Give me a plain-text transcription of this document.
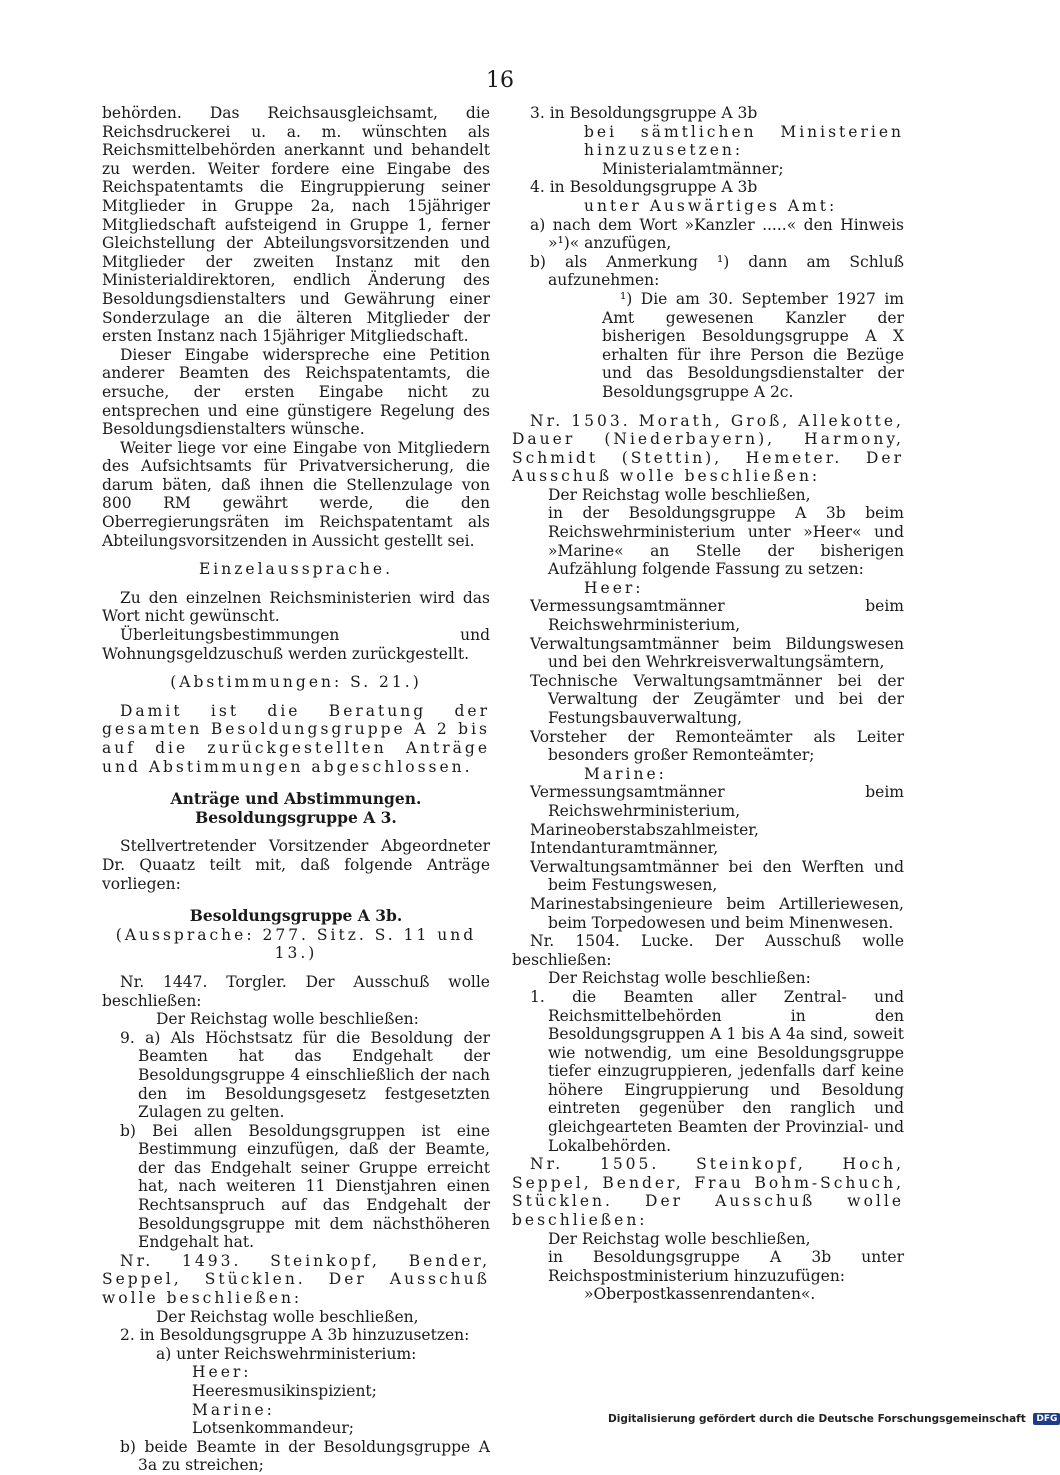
16

behörden. Das Reichsausgleichsamt, die Reichsdruckerei u. a. m. wünschten als Reichsmittelbehörden anerkannt und behandelt zu werden. Weiter fordere eine Eingabe des Reichspatentamts die Eingruppierung seiner Mitglieder in Gruppe 2a, nach 15jähriger Mitgliedschaft aufsteigend in Gruppe 1, ferner Gleichstellung der Abteilungsvorsitzenden und Mitglieder der zweiten Instanz mit den Ministerialdirektoren, endlich Änderung des Besoldungsdienstalters und Gewährung einer Sonderzulage an die älteren Mitglieder der ersten Instanz nach 15jähriger Mitgliedschaft.

Dieser Eingabe widerspreche eine Petition anderer Beamten des Reichspatentamts, die ersuche, der ersten Eingabe nicht zu entsprechen und eine günstigere Regelung des Besoldungsdienstalters wünsche.

Weiter liege vor eine Eingabe von Mitgliedern des Aufsichtsamts für Privatversicherung, die darum bäten, daß ihnen die Stellenzulage von 800 RM gewährt werde, die den Oberregierungsräten im Reichspatentamt als Abteilungsvorsitzenden in Aussicht gestellt sei.

Einzelaussprache.

Zu den einzelnen Reichsministerien wird das Wort nicht gewünscht.

Überleitungsbestimmungen und Wohnungsgeldzuschuß werden zurückgestellt.

(Abstimmungen: S. 21.)

Damit ist die Beratung der gesamten Besoldungsgruppe A 2 bis auf die zurückgestellten Anträge und Abstimmungen abgeschlossen.

Anträge und Abstimmungen.

Besoldungsgruppe A 3.

Stellvertretender Vorsitzender Abgeordneter Dr. Quaatz teilt mit, daß folgende Anträge vorliegen:

Besoldungsgruppe A 3b.

(Aussprache: 277. Sitz. S. 11 und 13.)

Nr. 1447. Torgler. Der Ausschuß wolle beschließen:

Der Reichstag wolle beschließen:

9. a) Als Höchstsatz für die Besoldung der Beamten hat das Endgehalt der Besoldungsgruppe 4 einschließlich der nach den im Besoldungsgesetz festgesetzten Zulagen zu gelten.

b) Bei allen Besoldungsgruppen ist eine Bestimmung einzufügen, daß der Beamte, der das Endgehalt seiner Gruppe erreicht hat, nach weiteren 11 Dienstjahren einen Rechtsanspruch auf das Endgehalt der Besoldungsgruppe mit dem nächsthöheren Endgehalt hat.

Nr. 1493. Steinkopf, Bender, Seppel, Stücklen. Der Ausschuß wolle beschließen:

Der Reichstag wolle beschließen,

2. in Besoldungsgruppe A 3b hinzuzusetzen:

a) unter Reichswehrministerium:

Heer:

Heeresmusikinspizient;

Marine:

Lotsenkommandeur;

b) beide Beamte in der Besoldungsgruppe A 3a zu streichen;

3. in Besoldungsgruppe A 3b

bei sämtlichen Ministerien hinzuzusetzen:

Ministerialamtmänner;

4. in Besoldungsgruppe A 3b

unter Auswärtiges Amt:

a) nach dem Wort »Kanzler .....« den Hinweis »¹)« anzufügen,

b) als Anmerkung ¹) dann am Schluß aufzunehmen:

¹) Die am 30. September 1927 im Amt gewesenen Kanzler der bisherigen Besoldungsgruppe A X erhalten für ihre Person die Bezüge und das Besoldungsdienstalter der Besoldungsgruppe A 2c.

Nr. 1503. Morath, Groß, Allekotte, Dauer (Niederbayern), Harmony, Schmidt (Stettin), Hemeter. Der Ausschuß wolle beschließen:

Der Reichstag wolle beschließen,

in der Besoldungsgruppe A 3b beim Reichswehrministerium unter »Heer« und »Marine« an Stelle der bisherigen Aufzählung folgende Fassung zu setzen:

Heer:

Vermessungsamtmänner beim Reichswehrministerium,

Verwaltungsamtmänner beim Bildungswesen und bei den Wehrkreisverwaltungsämtern,

Technische Verwaltungsamtmänner bei der Verwaltung der Zeugämter und bei der Festungsbauverwaltung,

Vorsteher der Remonteämter als Leiter besonders großer Remonteämter;

Marine:

Vermessungsamtmänner beim Reichswehrministerium,

Marineoberstabszahlmeister,

Intendanturamtmänner,

Verwaltungsamtmänner bei den Werften und beim Festungswesen,

Marinestabsingenieure beim Artilleriewesen, beim Torpedowesen und beim Minenwesen.

Nr. 1504. Lucke. Der Ausschuß wolle beschließen:

Der Reichstag wolle beschließen:

1. die Beamten aller Zentral- und Reichsmittelbehörden in den Besoldungsgruppen A 1 bis A 4a sind, soweit wie notwendig, um eine Besoldungsgruppe tiefer einzugruppieren, jedenfalls darf keine höhere Eingruppierung und Besoldung eintreten gegenüber den ranglich und gleichgearteten Beamten der Provinzial- und Lokalbehörden.

Nr. 1505. Steinkopf, Hoch, Seppel, Bender, Frau Bohm-Schuch, Stücklen. Der Ausschuß wolle beschließen:

Der Reichstag wolle beschließen,

in Besoldungsgruppe A 3b unter Reichspostministerium hinzuzufügen:

»Oberpostkassenrendanten«.

Digitalisierung gefördert durch die Deutsche Forschungsgemeinschaft DFG
